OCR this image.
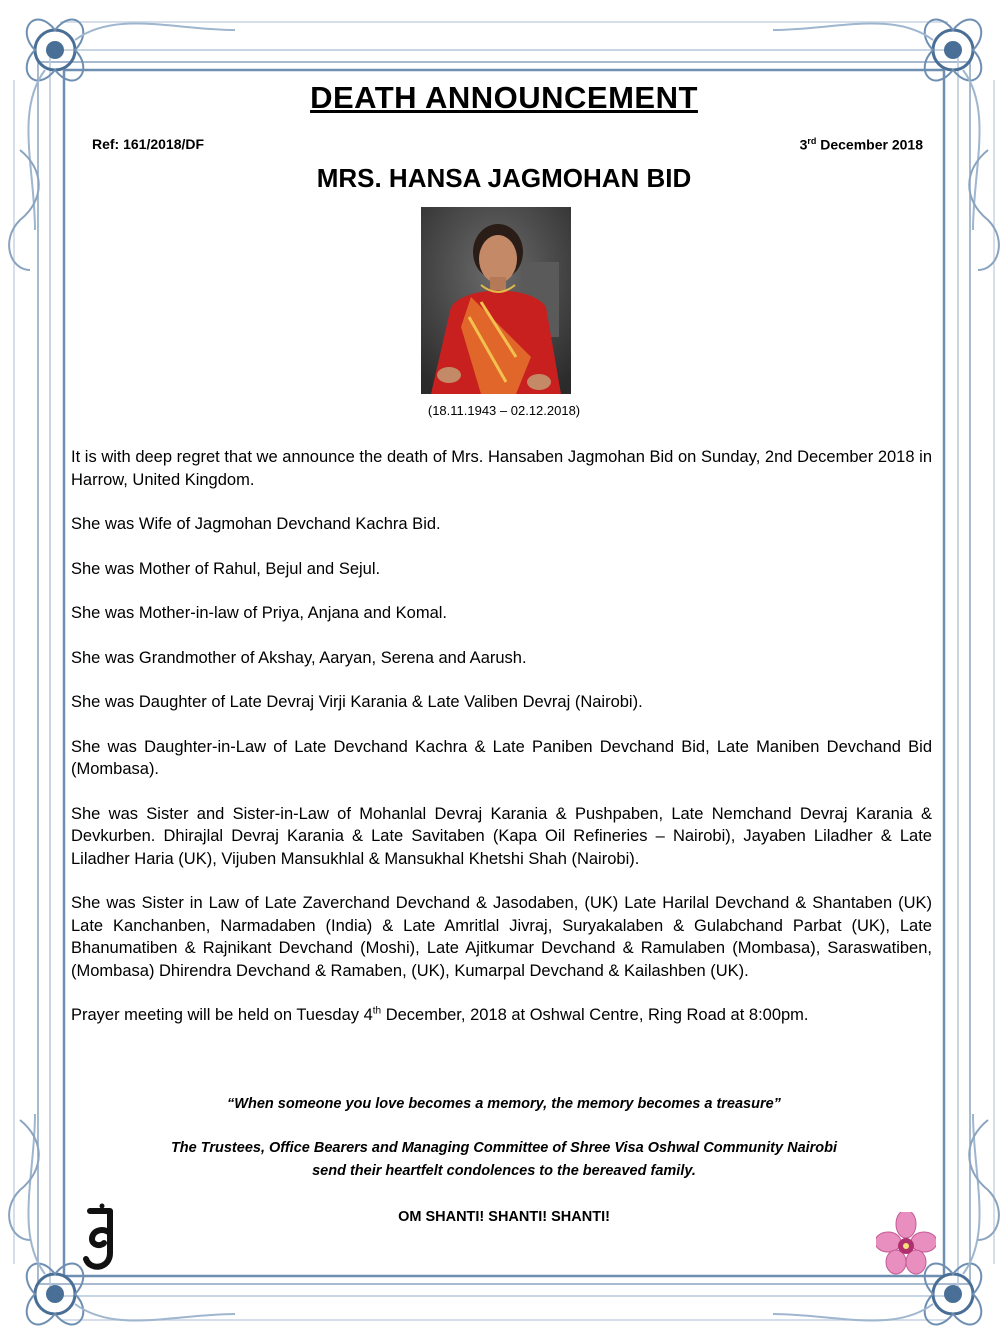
DEATH ANNOUNCEMENT
Ref: 161/2018/DF	3rd December 2018
MRS. HANSA JAGMOHAN BID
(18.11.1943 – 02.12.2018)

It is with deep regret that we announce the death of Mrs. Hansaben Jagmohan Bid on Sunday, 2nd December 2018 in Harrow, United Kingdom.

She was Wife of Jagmohan Devchand Kachra Bid.

She was Mother of Rahul, Bejul and Sejul.

She was Mother-in-law of Priya, Anjana and Komal.

She was Grandmother of Akshay, Aaryan, Serena and Aarush.

She was Daughter of Late Devraj Virji Karania & Late Valiben Devraj (Nairobi).

She was Daughter-in-Law of Late Devchand Kachra & Late Paniben Devchand Bid, Late Maniben Devchand Bid (Mombasa).

She was Sister and Sister-in-Law of Mohanlal Devraj Karania & Pushpaben, Late Nemchand Devraj Karania & Devkurben. Dhirajlal Devraj Karania & Late Savitaben (Kapa Oil Refineries – Nairobi), Jayaben Liladher & Late Liladher Haria (UK), Vijuben Mansukhlal & Mansukhal Khetshi Shah (Nairobi).

She was Sister in Law of Late Zaverchand Devchand & Jasodaben, (UK) Late Harilal Devchand & Shantaben (UK) Late Kanchanben, Narmadaben (India) & Late Amritlal Jivraj, Suryakalaben & Gulabchand Parbat (UK), Late Bhanumatiben & Rajnikant Devchand (Moshi), Late Ajitkumar Devchand & Ramulaben (Mombasa), Saraswatiben,(Mombasa) Dhirendra Devchand & Ramaben, (UK), Kumarpal Devchand & Kailashben (UK).

Prayer meeting will be held on Tuesday 4th December, 2018 at Oshwal Centre, Ring Road at 8:00pm.

“When someone you love becomes a memory, the memory becomes a treasure”
The Trustees, Office Bearers and Managing Committee of Shree Visa Oshwal Community Nairobi
send their heartfelt condolences to the bereaved family.
OM SHANTI! SHANTI! SHANTI!
